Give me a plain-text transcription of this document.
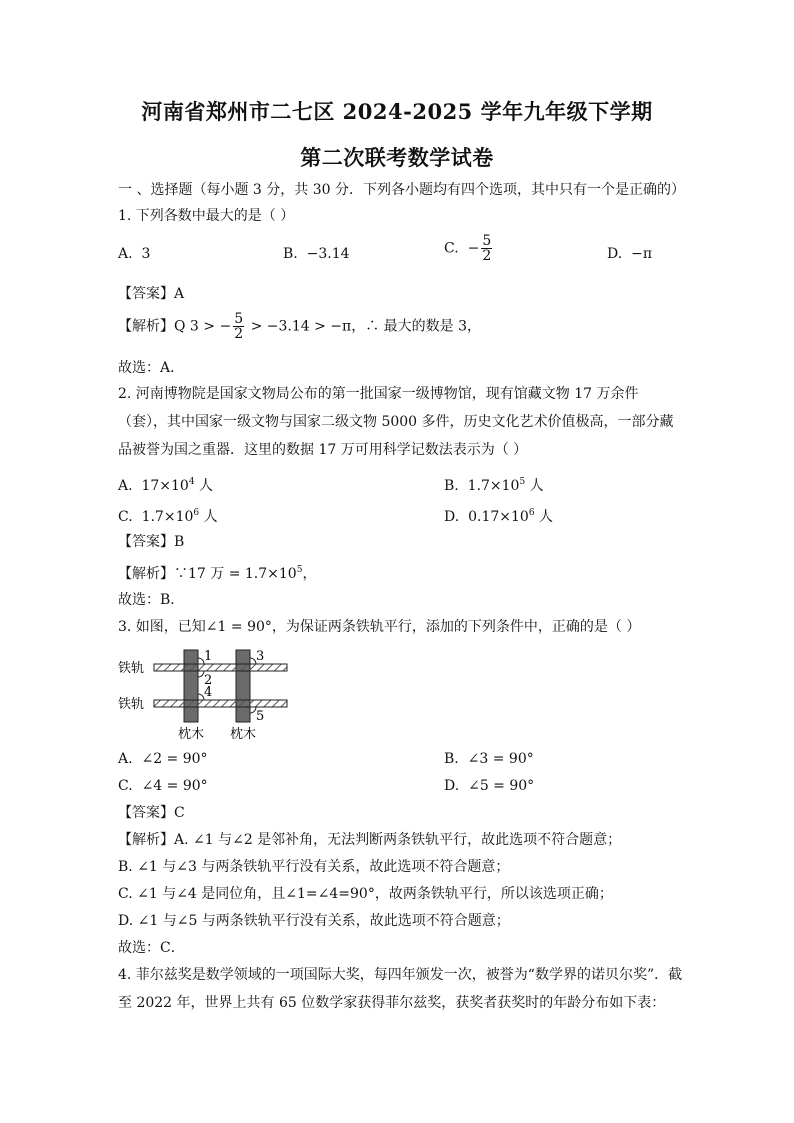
河南省郑州市二七区 2024-2025 学年九年级下学期
第二次联考数学试卷
一 、选择题（每小题 3 分，共 30 分．下列各小题均有四个选项，其中只有一个是正确的）
1. 下列各数中最大的是（ ）
A. 3	B. −3.14	C. − $\frac{5}{2}$	D. −π
【答案】A
【解析】Q 3 > − $\frac{5}{2} > -3.14 > -\pi$，∴ 最大的数是 3，
故选：A．
2. 河南博物院是国家文物局公布的第一批国家一级博物馆，现有馆藏文物 17 万余件
（套），其中国家一级文物与国家二级文物 5000 多件，历史文化艺术价值极高，一部分藏
品被誉为国之重器．这里的数据 17 万可用科学记数法表示为（ ）
A. $17\times 10^4$ 人	B. $1.7\times 10^5$ 人
C. $1.7\times 10^6$ 人	D. $0.17\times 10^6$ 人
【答案】B
【解析】∵17 万 = $1.7\times 10^5$，
故选：B．
3. 如图，已知∠1 = 90°，为保证两条铁轨平行，添加的下列条件中，正确的是（ ）
1
2
3
4
5
铁轨
铁轨
枕木 枕木
A. ∠2 = 90°	B. ∠3 = 90°
C. ∠4 = 90°	D. ∠5 = 90°
【答案】C
【解析】A. ∠1 与∠2 是邻补角，无法判断两条铁轨平行，故此选项不符合题意；
B. ∠1 与∠3 与两条铁轨平行没有关系，故此选项不符合题意；
C. ∠1 与∠4 是同位角，且∠1=∠4=90°，故两条铁轨平行，所以该选项正确；
D. ∠1 与∠5 与两条铁轨平行没有关系，故此选项不符合题意；
故选：C．
4. 菲尔兹奖是数学领域的一项国际大奖，每四年颁发一次，被誉为“数学界的诺贝尔奖”．截
至 2022 年，世界上共有 65 位数学家获得菲尔兹奖，获奖者获奖时的年龄分布如下表：
